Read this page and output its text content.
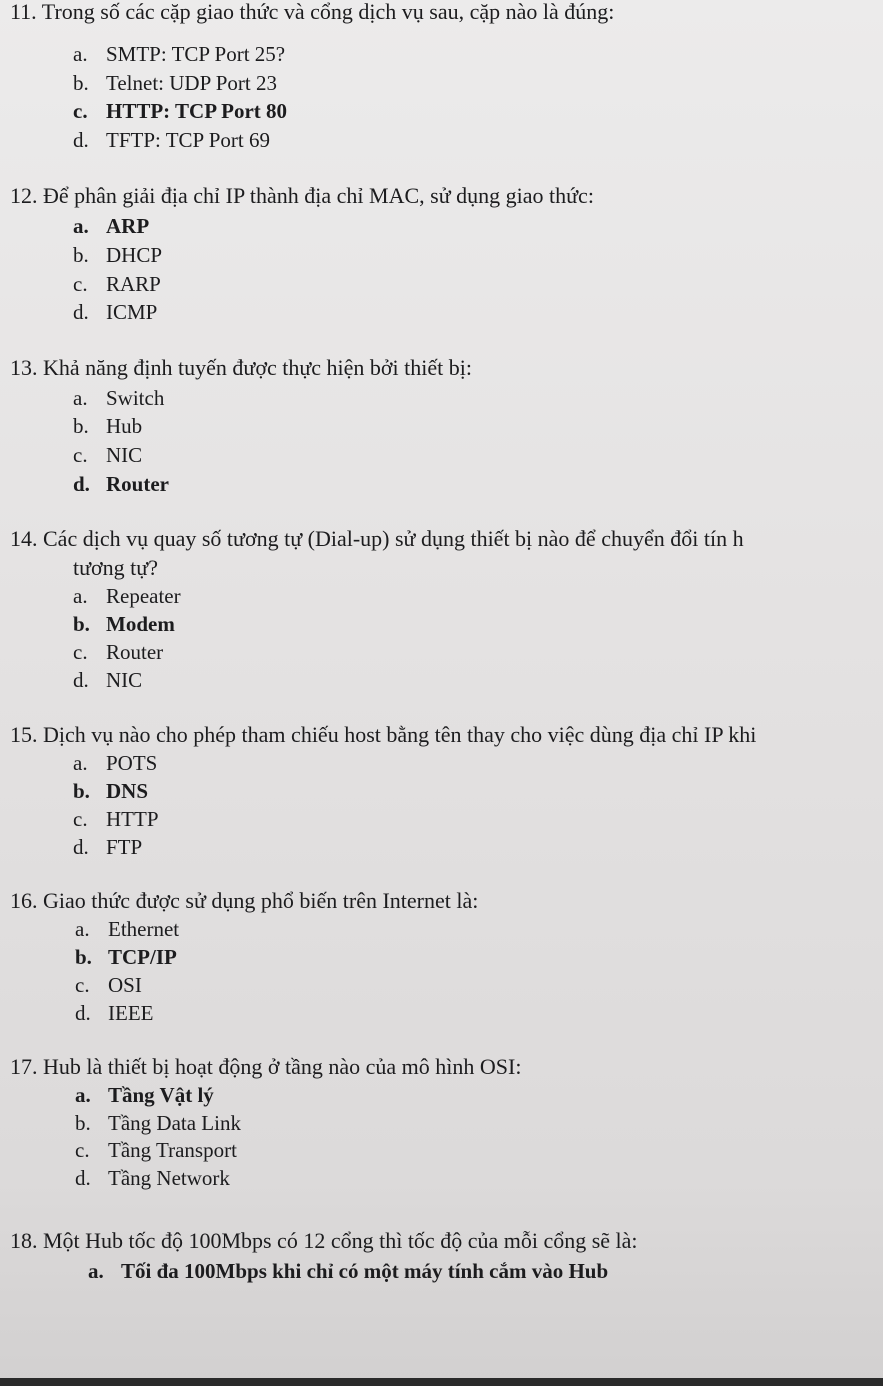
11. Trong số các cặp giao thức và cổng dịch vụ sau, cặp nào là đúng:
a. SMTP: TCP Port 25?
b. Telnet: UDP Port 23
c. HTTP: TCP Port 80
d. TFTP: TCP Port 69
12. Để phân giải địa chỉ IP thành địa chỉ MAC, sử dụng giao thức:
a. ARP
b. DHCP
c. RARP
d. ICMP
13. Khả năng định tuyến được thực hiện bởi thiết bị:
a. Switch
b. Hub
c. NIC
d. Router
14. Các dịch vụ quay số tương tự (Dial-up) sử dụng thiết bị nào để chuyển đổi tín h
tương tự?
a. Repeater
b. Modem
c. Router
d. NIC
15. Dịch vụ nào cho phép tham chiếu host bằng tên thay cho việc dùng địa chỉ IP khi
a. POTS
b. DNS
c. HTTP
d. FTP
16. Giao thức được sử dụng phổ biến trên Internet là:
a. Ethernet
b. TCP/IP
c. OSI
d. IEEE
17. Hub là thiết bị hoạt động ở tầng nào của mô hình OSI:
a. Tầng Vật lý
b. Tầng Data Link
c. Tầng Transport
d. Tầng Network
18. Một Hub tốc độ 100Mbps có 12 cổng thì tốc độ của mỗi cổng sẽ là:
a. Tối đa 100Mbps khi chỉ có một máy tính cắm vào Hub
